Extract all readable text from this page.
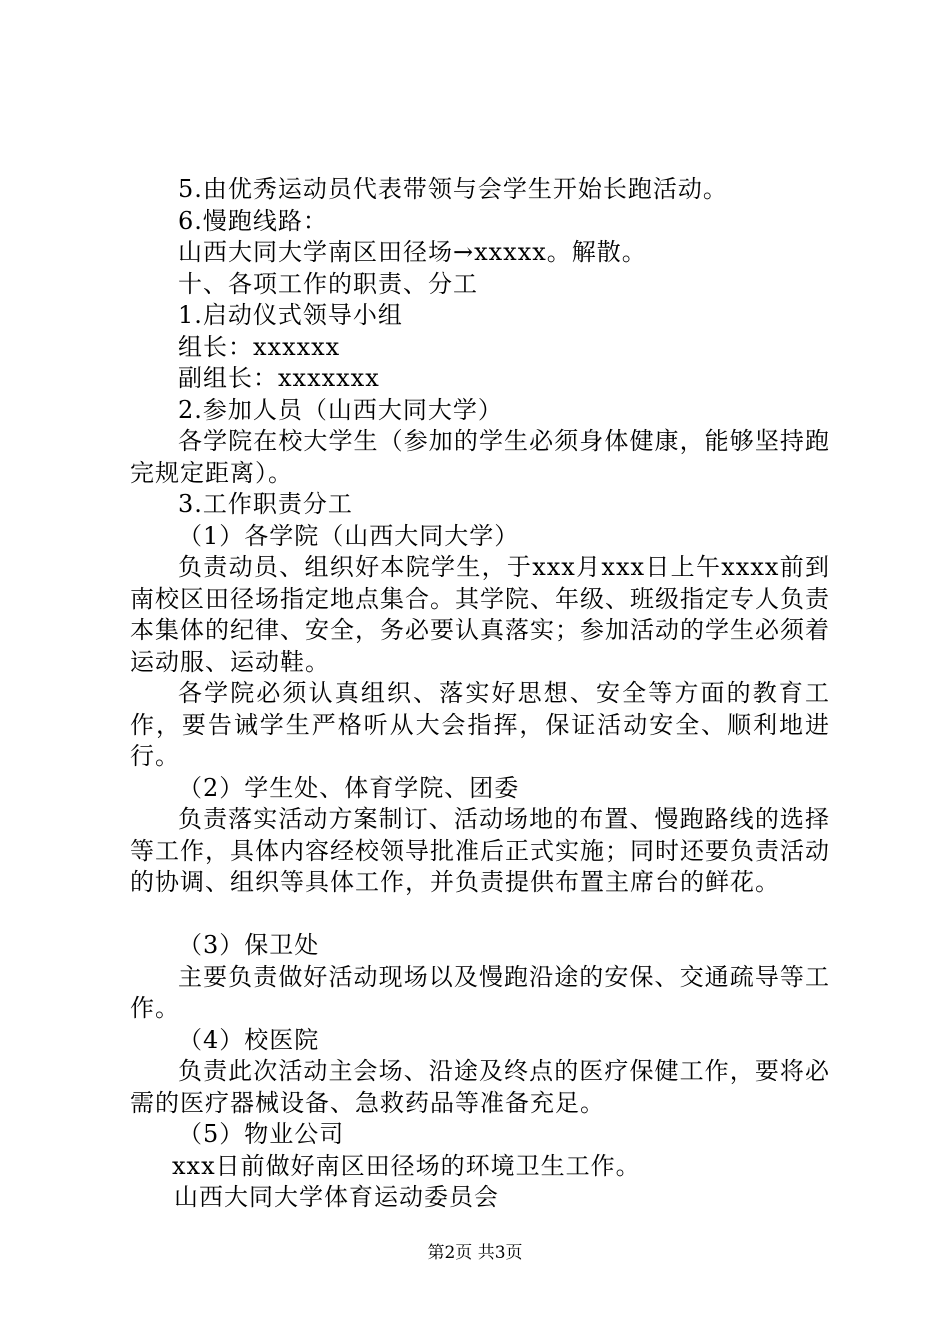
5.由优秀运动员代表带领与会学生开始长跑活动。
6.慢跑线路：
山西大同大学南区田径场→xxxxx。解散。
十、各项工作的职责、分工
1.启动仪式领导小组
组长：xxxxxx
副组长：xxxxxxx
2.参加人员（山西大同大学）
各学院在校大学生（参加的学生必须身体健康，能够坚持跑完规定距离）。
3.工作职责分工
（1）各学院（山西大同大学）
负责动员、组织好本院学生，于xxx月xxx日上午xxxx前到南校区田径场指定地点集合。其学院、年级、班级指定专人负责本集体的纪律、安全，务必要认真落实；参加活动的学生必须着运动服、运动鞋。
各学院必须认真组织、落实好思想、安全等方面的教育工作，要告诫学生严格听从大会指挥，保证活动安全、顺利地进行。
（2）学生处、体育学院、团委
负责落实活动方案制订、活动场地的布置、慢跑路线的选择等工作，具体内容经校领导批准后正式实施；同时还要负责活动的协调、组织等具体工作，并负责提供布置主席台的鲜花。
（3）保卫处
主要负责做好活动现场以及慢跑沿途的安保、交通疏导等工作。
（4）校医院
负责此次活动主会场、沿途及终点的医疗保健工作，要将必需的医疗器械设备、急救药品等准备充足。
（5）物业公司
xxx日前做好南区田径场的环境卫生工作。
山西大同大学体育运动委员会
第2页 共3页
